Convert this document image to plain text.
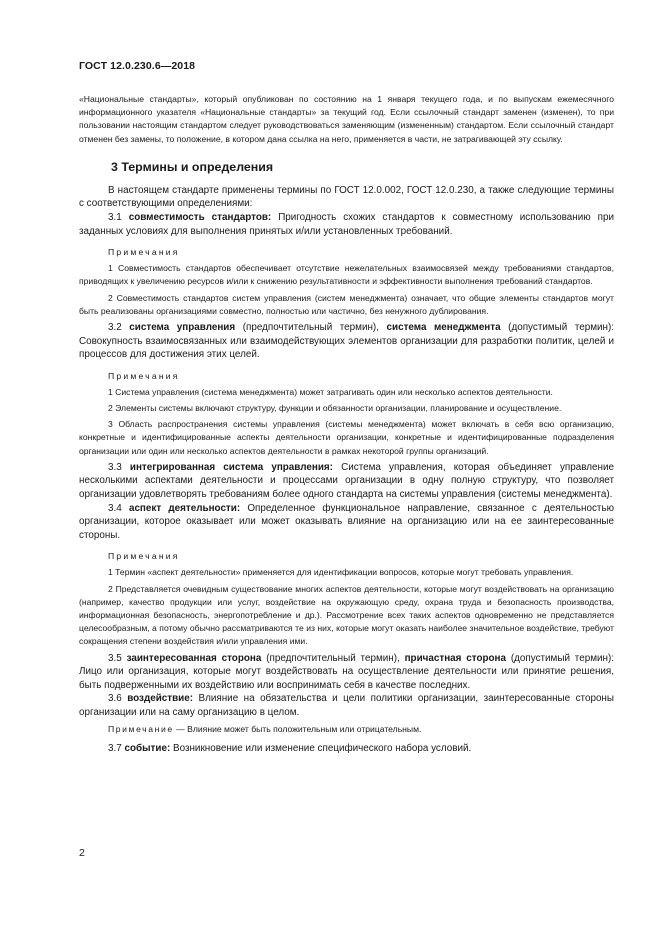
ГОСТ 12.0.230.6—2018

«Национальные стандарты», который опубликован по состоянию на 1 января текущего года, и по выпускам ежемесячного информационного указателя «Национальные стандарты» за текущий год. Если ссылочный стандарт заменен (изменен), то при пользовании настоящим стандартом следует руководствоваться заменяющим (измененным) стандартом. Если ссылочный стандарт отменен без замены, то положение, в котором дана ссылка на него, применяется в части, не затрагивающей эту ссылку.

3 Термины и определения

В настоящем стандарте применены термины по ГОСТ 12.0.002, ГОСТ 12.0.230, а также следующие термины с соответствующими определениями:

3.1 совместимость стандартов: Пригодность схожих стандартов к совместному использованию при заданных условиях для выполнения принятых и/или установленных требований.

Примечания

1 Совместимость стандартов обеспечивает отсутствие нежелательных взаимосвязей между требованиями стандартов, приводящих к увеличению ресурсов и/или к снижению результативности и эффективности выполнения требований стандартов.

2 Совместимость стандартов систем управления (систем менеджмента) означает, что общие элементы стандартов могут быть реализованы организациями совместно, полностью или частично, без ненужного дублирования.

3.2 система управления (предпочтительный термин), система менеджмента (допустимый термин): Совокупность взаимосвязанных или взаимодействующих элементов организации для разработки политик, целей и процессов для достижения этих целей.

Примечания

1 Система управления (система менеджмента) может затрагивать один или несколько аспектов деятельности.

2 Элементы системы включают структуру, функции и обязанности организации, планирование и осуществление.

3 Область распространения системы управления (системы менеджмента) может включать в себя всю организацию, конкретные и идентифицированные аспекты деятельности организации, конкретные и идентифицированные подразделения организации или один или несколько аспектов деятельности в рамках некоторой группы организаций.

3.3 интегрированная система управления: Система управления, которая объединяет управление несколькими аспектами деятельности и процессами организации в одну полную структуру, что позволяет организации удовлетворять требованиям более одного стандарта на системы управления (системы менеджмента).

3.4 аспект деятельности: Определенное функциональное направление, связанное с деятельностью организации, которое оказывает или может оказывать влияние на организацию или на ее заинтересованные стороны.

Примечания

1 Термин «аспект деятельности» применяется для идентификации вопросов, которые могут требовать управления.

2 Представляется очевидным существование многих аспектов деятельности, которые могут воздействовать на организацию (например, качество продукции или услуг, воздействие на окружающую среду, охрана труда и безопасность производства, информационная безопасность, энергопотребление и др.). Рассмотрение всех таких аспектов одновременно не представляется целесообразным, а потому обычно рассматриваются те из них, которые могут оказать наиболее значительное воздействие, требуют сокращения степени воздействия и/или управления ими.

3.5 заинтересованная сторона (предпочтительный термин), причастная сторона (допустимый термин): Лицо или организация, которые могут воздействовать на осуществление деятельности или принятие решения, быть подверженными их воздействию или воспринимать себя в качестве последних.

3.6 воздействие: Влияние на обязательства и цели политики организации, заинтересованные стороны организации или на саму организацию в целом.

Примечание — Влияние может быть положительным или отрицательным.

3.7 событие: Возникновение или изменение специфического набора условий.

2
